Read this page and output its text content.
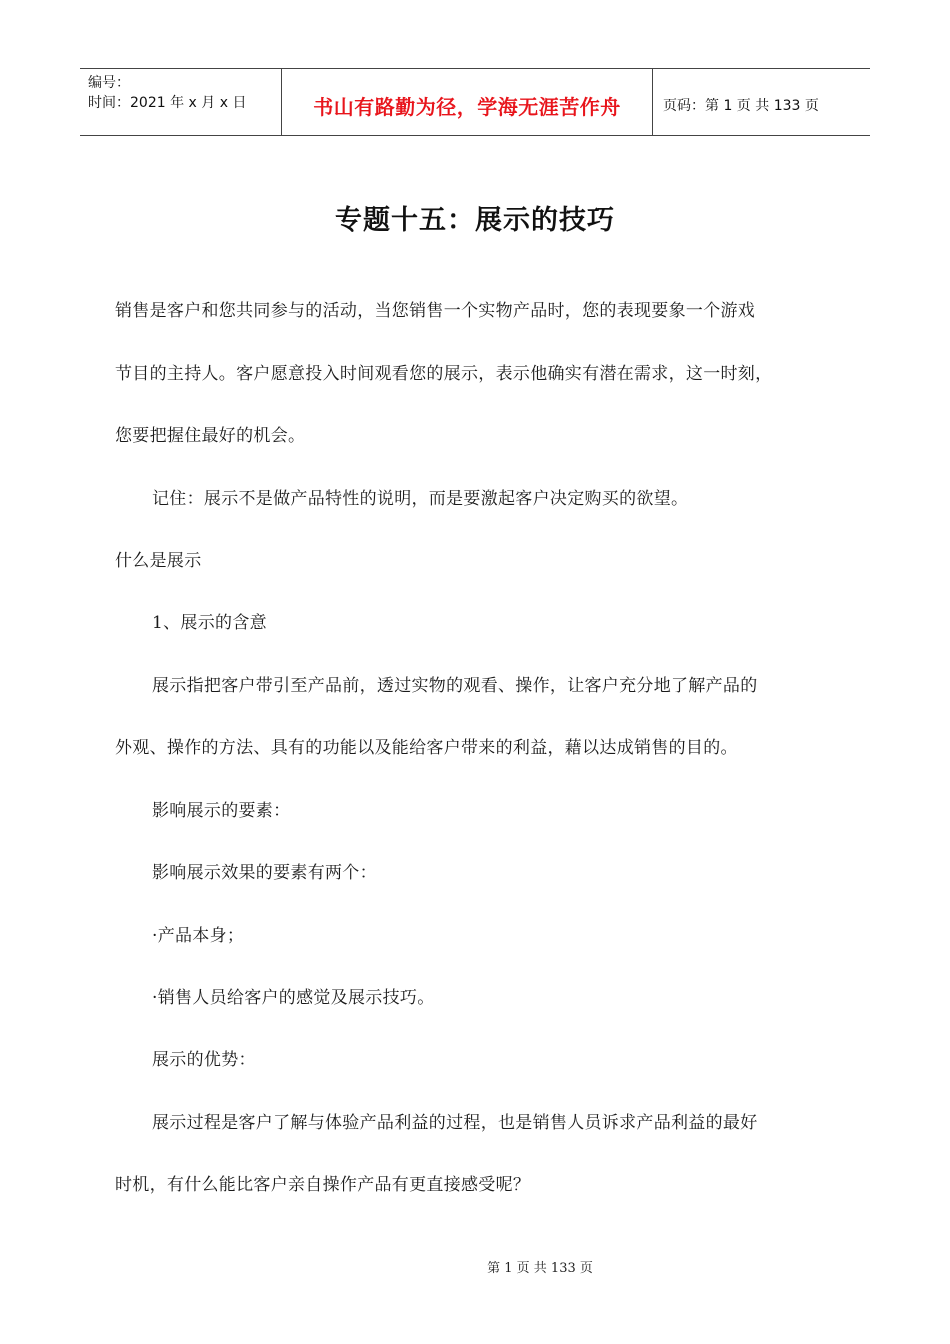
编号：
时间：2021 年 x 月 x 日	书山有路勤为径，学海无涯苦作舟	页码：第 1 页 共 133 页
专题十五：展示的技巧
销售是客户和您共同参与的活动，当您销售一个实物产品时，您的表现要象一个游戏
节目的主持人。客户愿意投入时间观看您的展示，表示他确实有潜在需求，这一时刻，
您要把握住最好的机会。
记住：展示不是做产品特性的说明，而是要激起客户决定购买的欲望。
什么是展示
1、展示的含意
展示指把客户带引至产品前，透过实物的观看、操作，让客户充分地了解产品的
外观、操作的方法、具有的功能以及能给客户带来的利益，藉以达成销售的目的。
影响展示的要素：
影响展示效果的要素有两个：
·产品本身；
·销售人员给客户的感觉及展示技巧。
展示的优势：
展示过程是客户了解与体验产品利益的过程，也是销售人员诉求产品利益的最好
时机，有什么能比客户亲自操作产品有更直接感受呢？
第 1 页 共 133 页
